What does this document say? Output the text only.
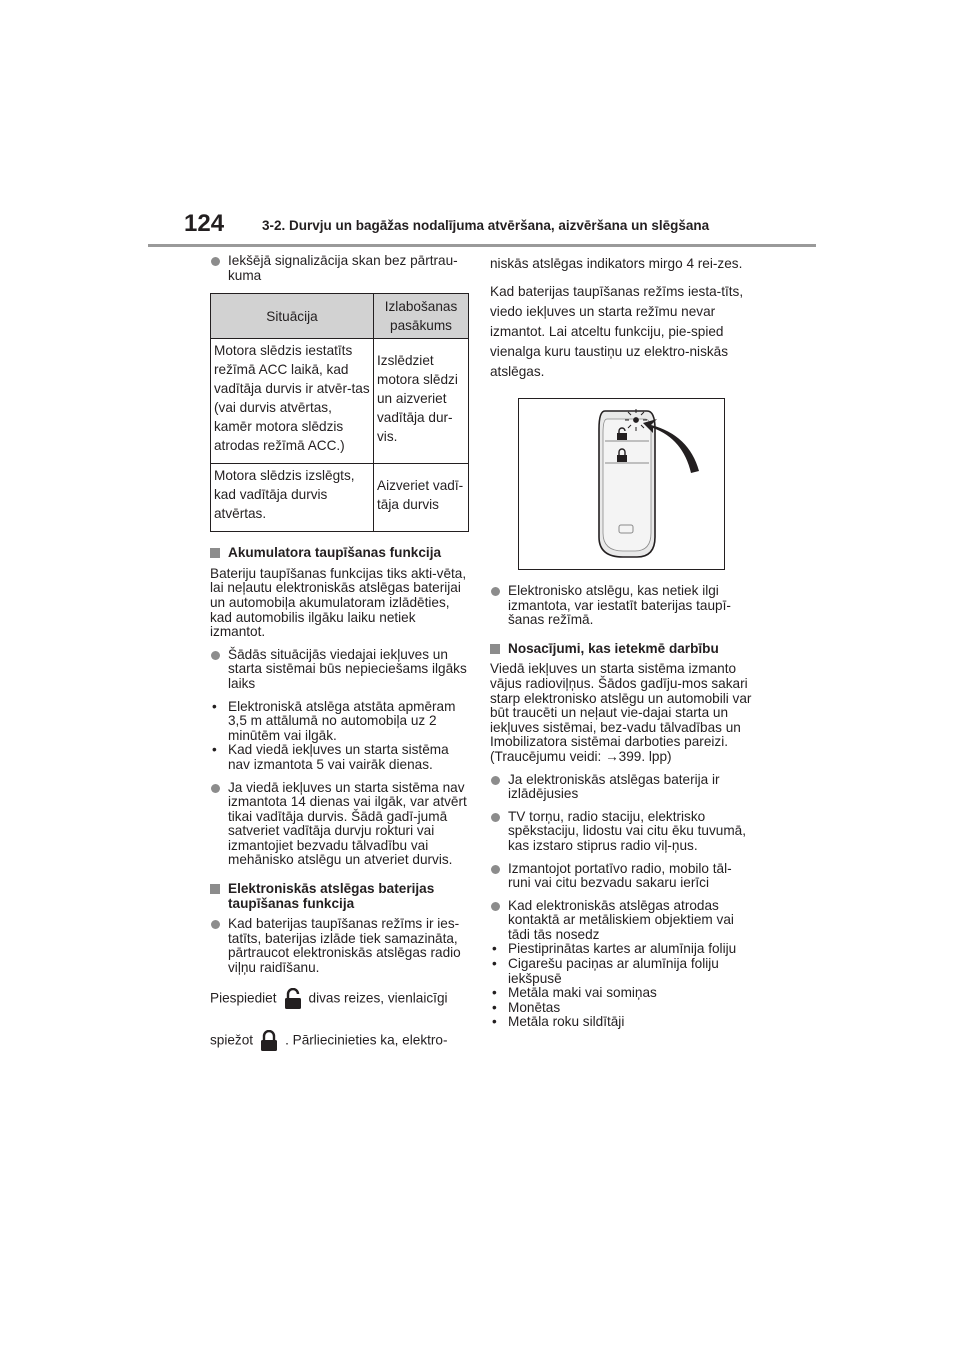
124	3-2. Durvju un bagāžas nodalījuma atvēršana, aizvēršana un slēgšana
Iekšējā signalizācija skan bez pārtrau-kuma
Situācija	Izlabošanas pasākums
Motora slēdzis iestatīts režīmā ACC laikā, kad vadītāja durvis ir atvēr-tas (vai durvis atvērtas, kamēr motora slēdzis atrodas režīmā ACC.)	Izslēdziet motora slēdzi un aizveriet vadītāja dur-vis.
Motora slēdzis izslēgts, kad vadītāja durvis atvērtas.	Aizveriet vadī-tāja durvis
Akumulatora taupīšanas funkcija
Bateriju taupīšanas funkcijas tiks akti-vēta, lai neļautu elektroniskās atslēgas baterijai un automobiļa akumulatoram izlādēties, kad automobilis ilgāku laiku netiek izmantot.
Šādās situācijās viedajai iekļuves un starta sistēmai būs nepieciešams ilgāks laiks
• Elektroniskā atslēga atstāta apmēram 3,5 m attālumā no automobiļa uz 2 minūtēm vai ilgāk.
• Kad viedā iekļuves un starta sistēma nav izmantota 5 vai vairāk dienas.
Ja viedā iekļuves un starta sistēma nav izmantota 14 dienas vai ilgāk, var atvērt tikai vadītāja durvis. Šādā gadī-jumā satveriet vadītāja durvju rokturi vai izmantojiet bezvadu tālvadību vai mehānisko atslēgu un atveriet durvis.
Elektroniskās atslēgas baterijas taupīšanas funkcija
Kad baterijas taupīšanas režīms ir ies-tatīts, baterijas izlāde tiek samazināta, pārtraucot elektroniskās atslēgas radio viļņu raidīšanu.
Piespiediet divas reizes, vienlaicīgi

spiežot . Pārliecinieties ka, elektro-
niskās atslēgas indikators mirgo 4 rei-zes.
Kad baterijas taupīšanas režīms iesta-tīts, viedo iekļuves un starta režīmu nevar izmantot. Lai atceltu funkciju, pie-spied vienalga kuru taustiņu uz elektro-niskās atslēgas.
Elektronisko atslēgu, kas netiek ilgi izmantota, var iestatīt baterijas taupī-šanas režīmā.
Nosacījumi, kas ietekmē darbību
Viedā iekļuves un starta sistēma izmanto vājus radioviļņus. Šādos gadīju-mos sakari starp elektronisko atslēgu un automobili var būt traucēti un neļaut vie-dajai starta un iekļuves sistēmai, bez-vadu tālvadības un Imobilizatora sistēmai darboties pareizi. (Traucējumu veidi: →399. lpp)
Ja elektroniskās atslēgas baterija ir izlādējusies
TV torņu, radio staciju, elektrisko spēkstaciju, lidostu vai citu ēku tuvumā, kas izstaro stiprus radio viļ-ņus.
Izmantojot portatīvo radio, mobilo tāl-runi vai citu bezvadu sakaru ierīci
Kad elektroniskās atslēgas atrodas kontaktā ar metāliskiem objektiem vai tādi tās nosedz
• Piestiprinātas kartes ar alumīnija foliju
• Cigarešu paciņas ar alumīnija foliju iekšpusē
• Metāla maki vai somiņas
• Monētas
• Metāla roku sildītāji
